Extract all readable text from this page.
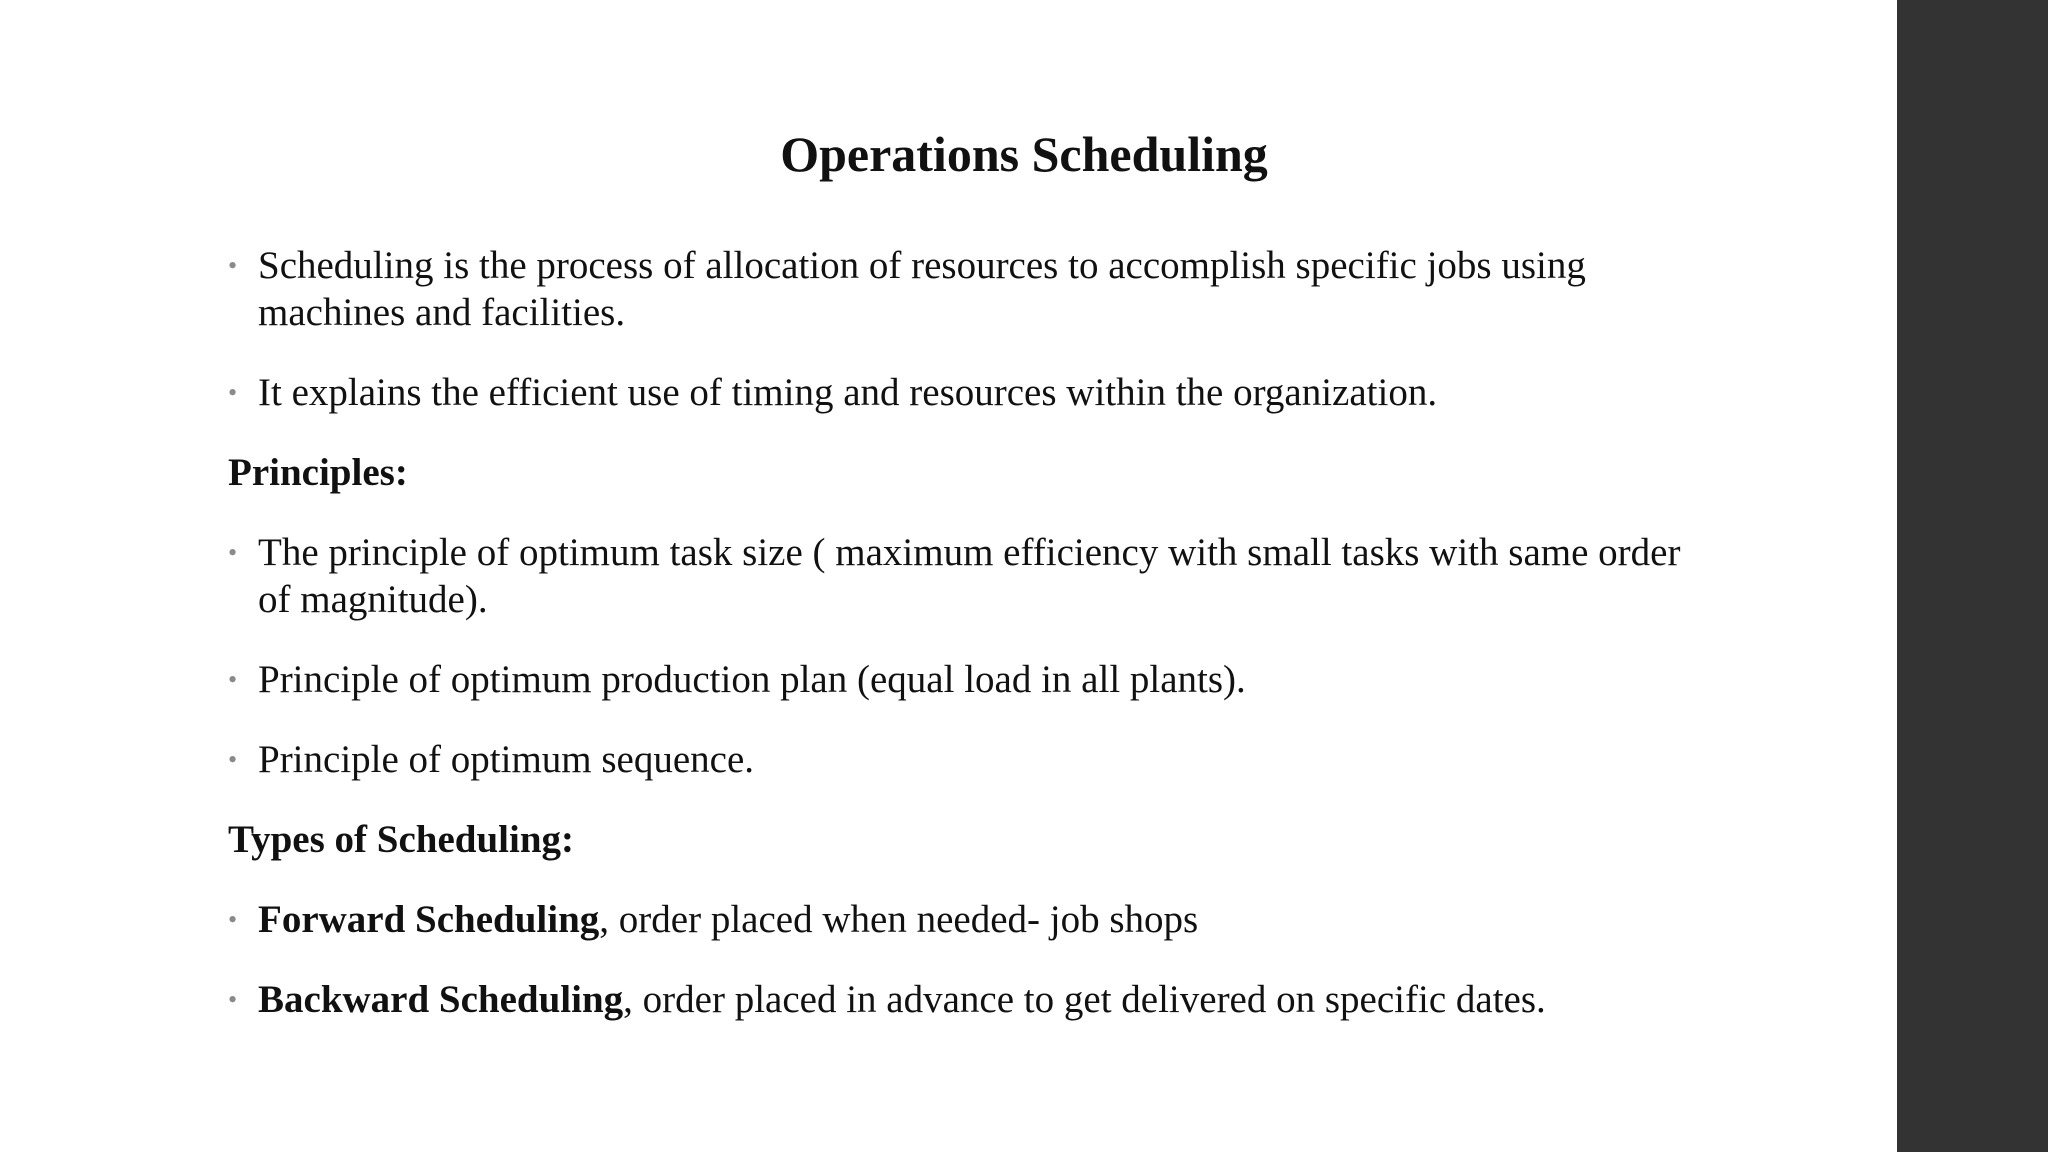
Operations Scheduling
• Scheduling is the process of allocation of resources to accomplish specific jobs using machines and facilities.
• It explains the efficient use of timing and resources within the organization.
Principles:
• The principle of optimum task size ( maximum efficiency with small tasks with same order of magnitude).
• Principle of optimum production plan (equal load in all plants).
• Principle of optimum sequence.
Types of Scheduling:
• Forward Scheduling, order placed when needed- job shops
• Backward Scheduling, order placed in advance to get delivered on specific dates.
